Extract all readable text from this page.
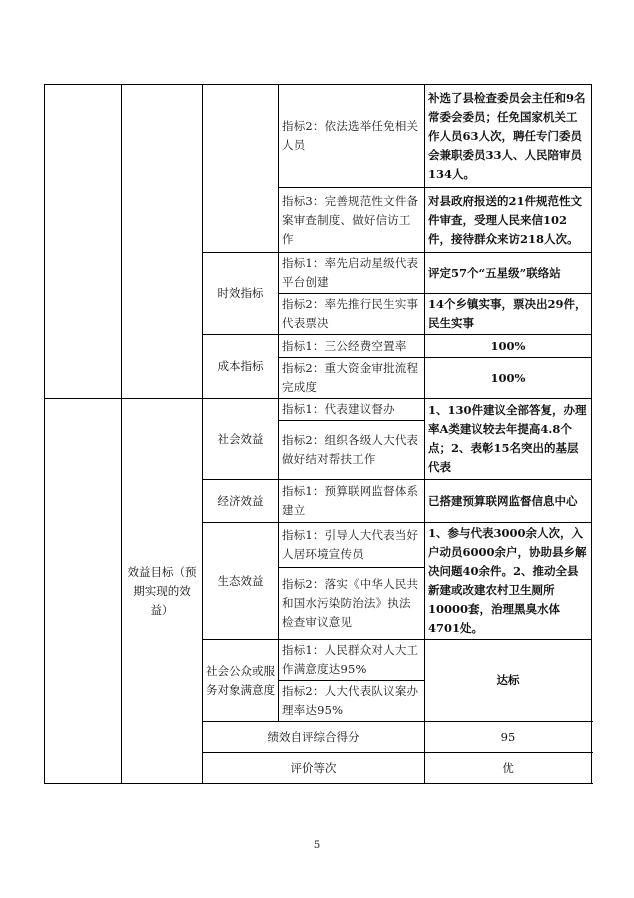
			指标2：依法选举任免相关人员	补选了县检查委员会主任和9名常委会委员；任免国家机关工作人员63人次，聘任专门委员会兼职委员33人、人民陪审员134人。
			指标3：完善规范性文件备案审查制度、做好信访工作	对县政府报送的21件规范性文件审查，受理人民来信102件，接待群众来访218人次。
		时效指标	指标1：率先启动星级代表平台创建	评定57个“五星级”联络站
			指标2：率先推行民生实事代表票决	14个乡镇实事，票决出29件，民生实事
		成本指标	指标1：三公经费空置率	100%
			指标2：重大资金审批流程完成度	100%
	效益目标（预期实现的效益）	社会效益	指标1：代表建议督办	1、130件建议全部答复，办理率A类建议较去年提高4.8个点；2、表彰15名突出的基层代表
			指标2：组织各级人大代表做好结对帮扶工作	
		经济效益	指标1：预算联网监督体系建立	已搭建预算联网监督信息中心
		生态效益	指标1：引导人大代表当好人居环境宣传员	1、参与代表3000余人次，入户动员6000余户，协助县乡解决问题40余件。2、推动全县新建或改建农村卫生厕所10000套，治理黑臭水体4701处。
			指标2：落实《中华人民共和国水污染防治法》执法检查审议意见	
		社会公众或服务对象满意度	指标1：人民群众对人大工作满意度达95%	达标
			指标2：人大代表队议案办理率达95%	
		绩效自评综合得分		95
		评价等次		优
5
